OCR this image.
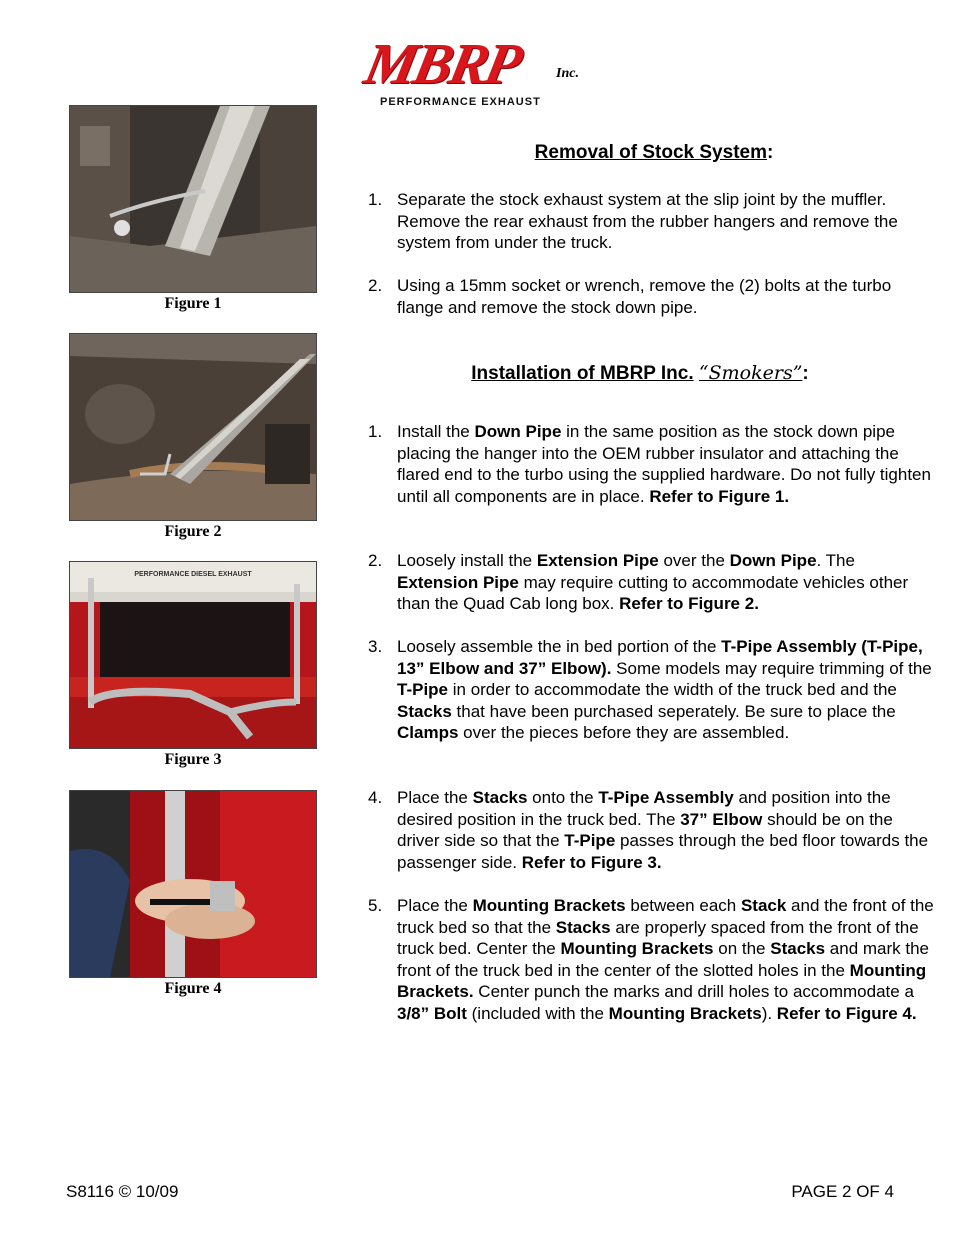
MBRP Inc.
PERFORMANCE EXHAUST
Figure 1
Figure 2
PERFORMANCE DIESEL EXHAUST
Figure 3
Figure 4
Removal of Stock System:
1. Separate the stock exhaust system at the slip joint by the muffler. Remove the rear exhaust from the rubber hangers and remove the system from under the truck.
2. Using a 15mm socket or wrench, remove the (2) bolts at the turbo flange and remove the stock down pipe.
Installation of MBRP Inc. “Smokers”:
1. Install the Down Pipe in the same position as the stock down pipe placing the hanger into the OEM rubber insulator and attaching the flared end to the turbo using the supplied hardware. Do not fully tighten until all components are in place. Refer to Figure 1.
2. Loosely install the Extension Pipe over the Down Pipe. The Extension Pipe may require cutting to accommodate vehicles other than the Quad Cab long box. Refer to Figure 2.
3. Loosely assemble the in bed portion of the T-Pipe Assembly (T-Pipe, 13” Elbow and 37” Elbow). Some models may require trimming of the T-Pipe in order to accommodate the width of the truck bed and the Stacks that have been purchased seperately. Be sure to place the Clamps over the pieces before they are assembled.
4. Place the Stacks onto the T-Pipe Assembly and position into the desired position in the truck bed. The 37” Elbow should be on the driver side so that the T-Pipe passes through the bed floor towards the passenger side. Refer to Figure 3.
5. Place the Mounting Brackets between each Stack and the front of the truck bed so that the Stacks are properly spaced from the front of the truck bed. Center the Mounting Brackets on the Stacks and mark the front of the truck bed in the center of the slotted holes in the Mounting Brackets. Center punch the marks and drill holes to accommodate a 3/8” Bolt (included with the Mounting Brackets). Refer to Figure 4.
S8116 © 10/09	PAGE 2 OF 4
